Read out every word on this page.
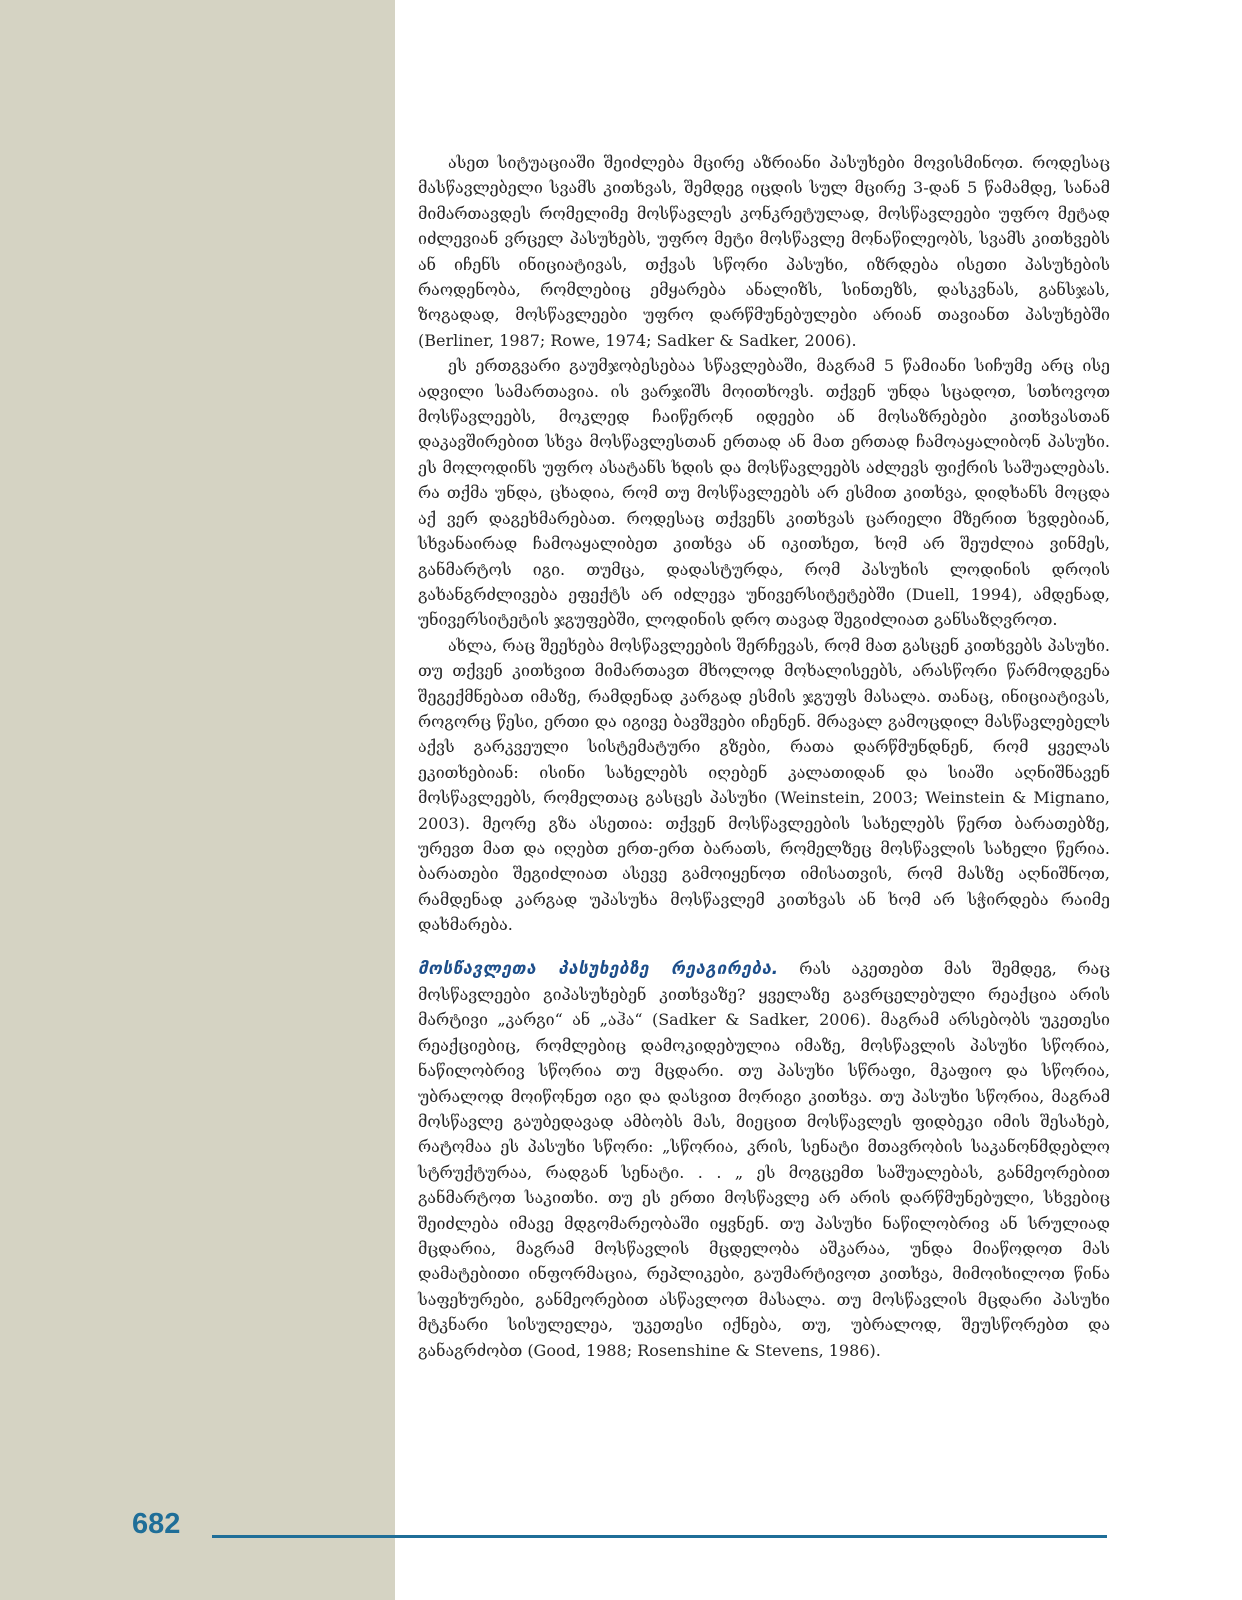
ასეთ სიტუაციაში შეიძლება მცირე აზრიანი პასუხები მოვისმინოთ. როდესაც მასწავლებელი სვამს კითხვას, შემდეგ იცდის სულ მცირე 3-დან 5 წამამდე, სანამ მიმართავდეს რომელიმე მოსწავლეს კონკრეტულად, მოსწავლეები უფრო მეტად იძლევიან ვრცელ პასუხებს, უფრო მეტი მოსწავლე მონაწილეობს, სვამს კითხვებს ან იჩენს ინიციატივას, თქვას სწორი პასუხი, იზრდება ისეთი პასუხების რაოდენობა, რომლებიც ემყარება ანალიზს, სინთეზს, დასკვნას, განსჯას, ზოგადად, მოსწავლეები უფრო დარწმუნებულები არიან თავიანთ პასუხებში (Berliner, 1987; Rowe, 1974; Sadker & Sadker, 2006).

ეს ერთგვარი გაუმჯობესებაა სწავლებაში, მაგრამ 5 წამიანი სიჩუმე არც ისე ადვილი სამართავია. ის ვარჯიშს მოითხოვს. თქვენ უნდა სცადოთ, სთხოვოთ მოსწავლეებს, მოკლედ ჩაიწერონ იდეები ან მოსაზრებები კითხვასთან დაკავშირებით სხვა მოსწავლესთან ერთად ან მათ ერთად ჩამოაყალიბონ პასუხი. ეს მოლოდინს უფრო ასატანს ხდის და მოსწავლეებს აძლევს ფიქრის საშუალებას. რა თქმა უნდა, ცხადია, რომ თუ მოსწავლეებს არ ესმით კითხვა, დიდხანს მოცდა აქ ვერ დაგეხმარებათ. როდესაც თქვენს კითხვას ცარიელი მზერით ხვდებიან, სხვანაირად ჩამოაყალიბეთ კითხვა ან იკითხეთ, ხომ არ შეუძლია ვინმეს, განმარტოს იგი. თუმცა, დადასტურდა, რომ პასუხის ლოდინის დროის გახანგრძლივება ეფექტს არ იძლევა უნივერსიტეტებში (Duell, 1994), ამდენად, უნივერსიტეტის ჯგუფებში, ლოდინის დრო თავად შეგიძლიათ განსაზღვროთ.

ახლა, რაც შეეხება მოსწავლეების შერჩევას, რომ მათ გასცენ კითხვებს პასუხი. თუ თქვენ კითხვით მიმართავთ მხოლოდ მოხალისეებს, არასწორი წარმოდგენა შეგექმნებათ იმაზე, რამდენად კარგად ესმის ჯგუფს მასალა. თანაც, ინიციატივას, როგორც წესი, ერთი და იგივე ბავშვები იჩენენ. მრავალ გამოცდილ მასწავლებელს აქვს გარკვეული სისტემატური გზები, რათა დარწმუნდნენ, რომ ყველას ეკითხებიან: ისინი სახელებს იღებენ კალათიდან და სიაში აღნიშნავენ მოსწავლეებს, რომელთაც გასცეს პასუხი (Weinstein, 2003; Weinstein & Mignano, 2003). მეორე გზა ასეთია: თქვენ მოსწავლეების სახელებს წერთ ბარათებზე, ურევთ მათ და იღებთ ერთ-ერთ ბარათს, რომელზეც მოსწავლის სახელი წერია. ბარათები შეგიძლიათ ასევე გამოიყენოთ იმისათვის, რომ მასზე აღნიშნოთ, რამდენად კარგად უპასუხა მოსწავლემ კითხვას ან ხომ არ სჭირდება რაიმე დახმარება.

მოსწავლეთა პასუხებზე რეაგირება. რას აკეთებთ მას შემდეგ, რაც მოსწავლეები გიპასუხებენ კითხვაზე? ყველაზე გავრცელებული რეაქცია არის მარტივი „კარგი“ ან „აჰა“ (Sadker & Sadker, 2006). მაგრამ არსებობს უკეთესი რეაქციებიც, რომლებიც დამოკიდებულია იმაზე, მოსწავლის პასუხი სწორია, ნაწილობრივ სწორია თუ მცდარი. თუ პასუხი სწრაფი, მკაფიო და სწორია, უბრალოდ მოიწონეთ იგი და დასვით მორიგი კითხვა. თუ პასუხი სწორია, მაგრამ მოსწავლე გაუბედავად ამბობს მას, მიეცით მოსწავლეს ფიდბეკი იმის შესახებ, რატომაა ეს პასუხი სწორი: „სწორია, კრის, სენატი მთავრობის საკანონმდებლო სტრუქტურაა, რადგან სენატი. . . „ ეს მოგცემთ საშუალებას, განმეორებით განმარტოთ საკითხი. თუ ეს ერთი მოსწავლე არ არის დარწმუნებული, სხვებიც შეიძლება იმავე მდგომარეობაში იყვნენ. თუ პასუხი ნაწილობრივ ან სრულიად მცდარია, მაგრამ მოსწავლის მცდელობა აშკარაა, უნდა მიაწოდოთ მას დამატებითი ინფორმაცია, რეპლიკები, გაუმარტივოთ კითხვა, მიმოიხილოთ წინა საფეხურები, განმეორებით ასწავლოთ მასალა. თუ მოსწავლის მცდარი პასუხი მტკნარი სისულელეა, უკეთესი იქნება, თუ, უბრალოდ, შეუსწორებთ და განაგრძობთ (Good, 1988; Rosenshine & Stevens, 1986).

682
